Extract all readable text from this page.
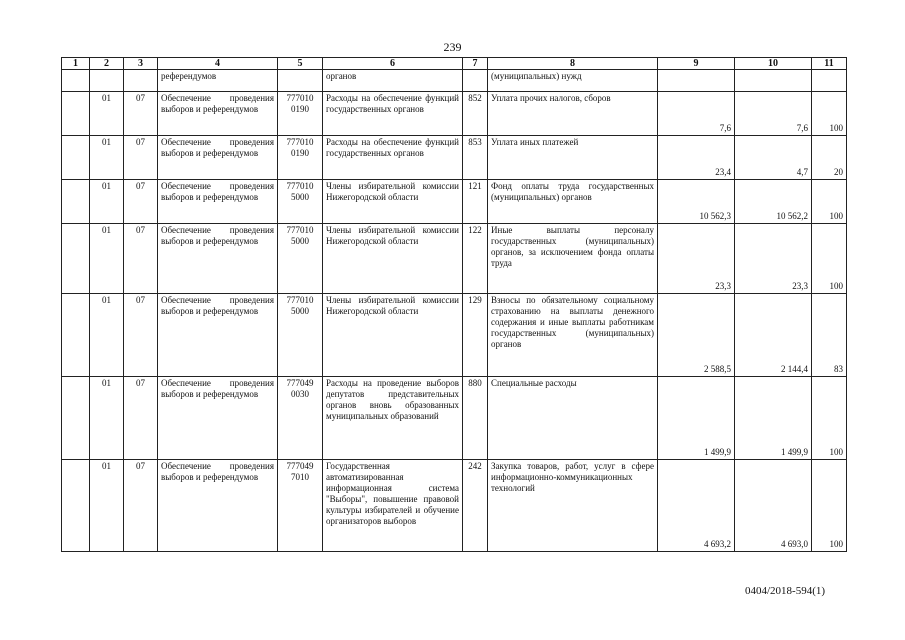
239
1	2	3	4	5	6	7	8	9	10	11
			референдумов		органов		(муниципальных) нужд			
	01	07	Обеспечение проведения выборов и референдумов	777010 0190	Расходы на обеспечение функций государственных органов	852	Уплата прочих налогов, сборов	7,6	7,6	100
	01	07	Обеспечение проведения выборов и референдумов	777010 0190	Расходы на обеспечение функций государственных органов	853	Уплата иных платежей	23,4	4,7	20
	01	07	Обеспечение проведения выборов и референдумов	777010 5000	Члены избирательной комиссии Нижегородской области	121	Фонд оплаты труда государственных (муниципальных) органов	10 562,3	10 562,2	100
	01	07	Обеспечение проведения выборов и референдумов	777010 5000	Члены избирательной комиссии Нижегородской области	122	Иные выплаты персоналу государственных (муниципальных) органов, за исключением фонда оплаты труда	23,3	23,3	100
	01	07	Обеспечение проведения выборов и референдумов	777010 5000	Члены избирательной комиссии Нижегородской области	129	Взносы по обязательному социальному страхованию на выплаты денежного содержания и иные выплаты работникам государственных (муниципальных) органов	2 588,5	2 144,4	83
	01	07	Обеспечение проведения выборов и референдумов	777049 0030	Расходы на проведение выборов депутатов представительных органов вновь образованных муниципальных образований	880	Специальные расходы	1 499,9	1 499,9	100
	01	07	Обеспечение проведения выборов и референдумов	777049 7010	Государственная автоматизированная информационная система "Выборы", повышение правовой культуры избирателей и обучение организаторов выборов	242	Закупка товаров, работ, услуг в сфере информационно-коммуникационных технологий	4 693,2	4 693,0	100
0404/2018-594(1)
